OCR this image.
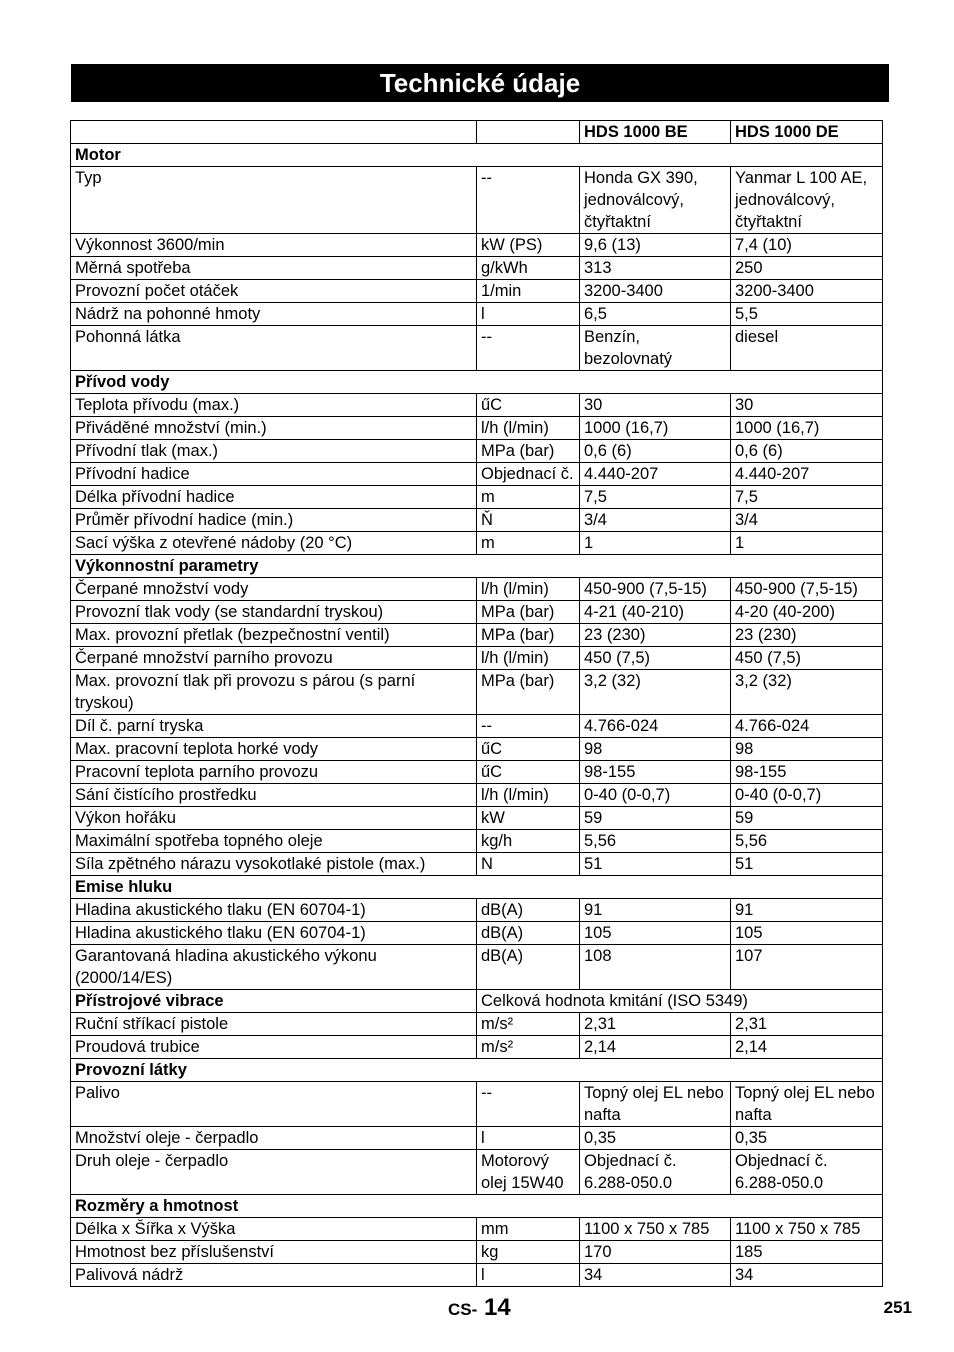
Technické údaje
		HDS 1000 BE	HDS 1000 DE
Motor			
Typ	--	Honda GX 390, jednoválcový, čtyřtaktní	Yanmar L 100 AE, jednoválcový, čtyřtaktní
Výkonnost 3600/min	kW (PS)	9,6 (13)	7,4 (10)
Měrná spotřeba	g/kWh	313	250
Provozní počet otáček	1/min	3200-3400	3200-3400
Nádrž na pohonné hmoty	l	6,5	5,5
Pohonná látka	--	Benzín, bezolovnatý	diesel
Přívod vody			
Teplota přívodu (max.)	űC	30	30
Přiváděné množství (min.)	l/h (l/min)	1000 (16,7)	1000 (16,7)
Přívodní tlak (max.)	MPa (bar)	0,6 (6)	0,6 (6)
Přívodní hadice	Objednací č.	4.440-207	4.440-207
Délka přívodní hadice	m	7,5	7,5
Průměr přívodní hadice (min.)	Ň	3/4	3/4
Sací výška z otevřené nádoby (20 °C)	m	1	1
Výkonnostní parametry			
Čerpané množství vody	l/h (l/min)	450-900 (7,5-15)	450-900 (7,5-15)
Provozní tlak vody (se standardní tryskou)	MPa (bar)	4-21 (40-210)	4-20 (40-200)
Max. provozní přetlak (bezpečnostní ventil)	MPa (bar)	23 (230)	23 (230)
Čerpané množství parního provozu	l/h (l/min)	450 (7,5)	450 (7,5)
Max. provozní tlak při provozu s párou (s parní tryskou)	MPa (bar)	3,2 (32)	3,2 (32)
Díl č. parní tryska	--	4.766-024	4.766-024
Max. pracovní teplota horké vody	űC	98	98
Pracovní teplota parního provozu	űC	98-155	98-155
Sání čistícího prostředku	l/h (l/min)	0-40 (0-0,7)	0-40 (0-0,7)
Výkon hořáku	kW	59	59
Maximální spotřeba topného oleje	kg/h	5,56	5,56
Síla zpětného nárazu vysokotlaké pistole (max.)	N	51	51
Emise hluku			
Hladina akustického tlaku (EN 60704-1)	dB(A)	91	91
Hladina akustického tlaku (EN 60704-1)	dB(A)	105	105
Garantovaná hladina akustického výkonu (2000/14/ES)	dB(A)	108	107
Přístrojové vibrace	Celková hodnota kmitání (ISO 5349)		
Ruční stříkací pistole	m/s²	2,31	2,31
Proudová trubice	m/s²	2,14	2,14
Provozní látky			
Palivo	--	Topný olej EL nebo nafta	Topný olej EL nebo nafta
Množství oleje - čerpadlo	l	0,35	0,35
Druh oleje - čerpadlo	Motorový olej 15W40	Objednací č. 6.288-050.0	Objednací č. 6.288-050.0
Rozměry a hmotnost			
Délka x Šířka x Výška	mm	1100 x 750 x 785	1100 x 750 x 785
Hmotnost bez příslušenství	kg	170	185
Palivová nádrž	l	34	34
CS- 14	251
